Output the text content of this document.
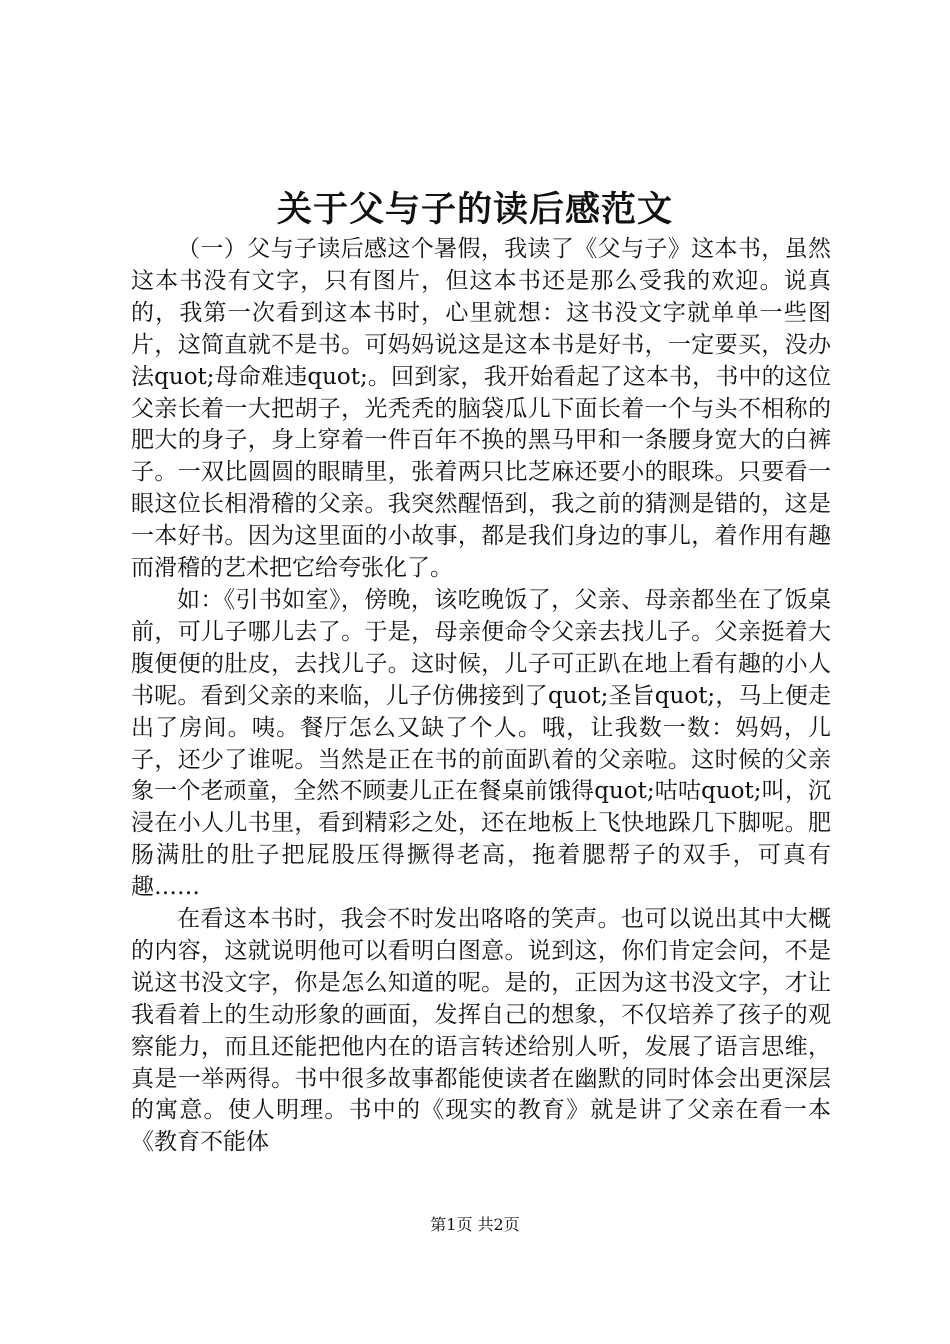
关于父与子的读后感范文

（一）父与子读后感这个暑假，我读了《父与子》这本书，虽然这本书没有文字，只有图片，但这本书还是那么受我的欢迎。说真的，我第一次看到这本书时，心里就想：这书没文字就单单一些图片，这简直就不是书。可妈妈说这是这本书是好书，一定要买，没办法quot;母命难违quot;。回到家，我开始看起了这本书，书中的这位父亲长着一大把胡子，光秃秃的脑袋瓜儿下面长着一个与头不相称的肥大的身子，身上穿着一件百年不换的黑马甲和一条腰身宽大的白裤子。一双比圆圆的眼睛里，张着两只比芝麻还要小的眼珠。只要看一眼这位长相滑稽的父亲。我突然醒悟到，我之前的猜测是错的，这是一本好书。因为这里面的小故事，都是我们身边的事儿，着作用有趣而滑稽的艺术把它给夸张化了。

如：《引书如室》，傍晚，该吃晚饭了，父亲、母亲都坐在了饭桌前，可儿子哪儿去了。于是，母亲便命令父亲去找儿子。父亲挺着大腹便便的肚皮，去找儿子。这时候，儿子可正趴在地上看有趣的小人书呢。看到父亲的来临，儿子仿佛接到了quot;圣旨quot;，马上便走出了房间。咦。餐厅怎么又缺了个人。哦，让我数一数：妈妈，儿子，还少了谁呢。当然是正在书的前面趴着的父亲啦。这时候的父亲象一个老顽童，全然不顾妻儿正在餐桌前饿得quot;咕咕quot;叫，沉浸在小人儿书里，看到精彩之处，还在地板上飞快地跺几下脚呢。肥肠满肚的肚子把屁股压得撅得老高，拖着腮帮子的双手，可真有趣……

在看这本书时，我会不时发出咯咯的笑声。也可以说出其中大概的内容，这就说明他可以看明白图意。说到这，你们肯定会问，不是说这书没文字，你是怎么知道的呢。是的，正因为这书没文字，才让我看着上的生动形象的画面，发挥自己的想象，不仅培养了孩子的观察能力，而且还能把他内在的语言转述给别人听，发展了语言思维，真是一举两得。书中很多故事都能使读者在幽默的同时体会出更深层的寓意。使人明理。书中的《现实的教育》就是讲了父亲在看一本《教育不能体

第1页 共2页
